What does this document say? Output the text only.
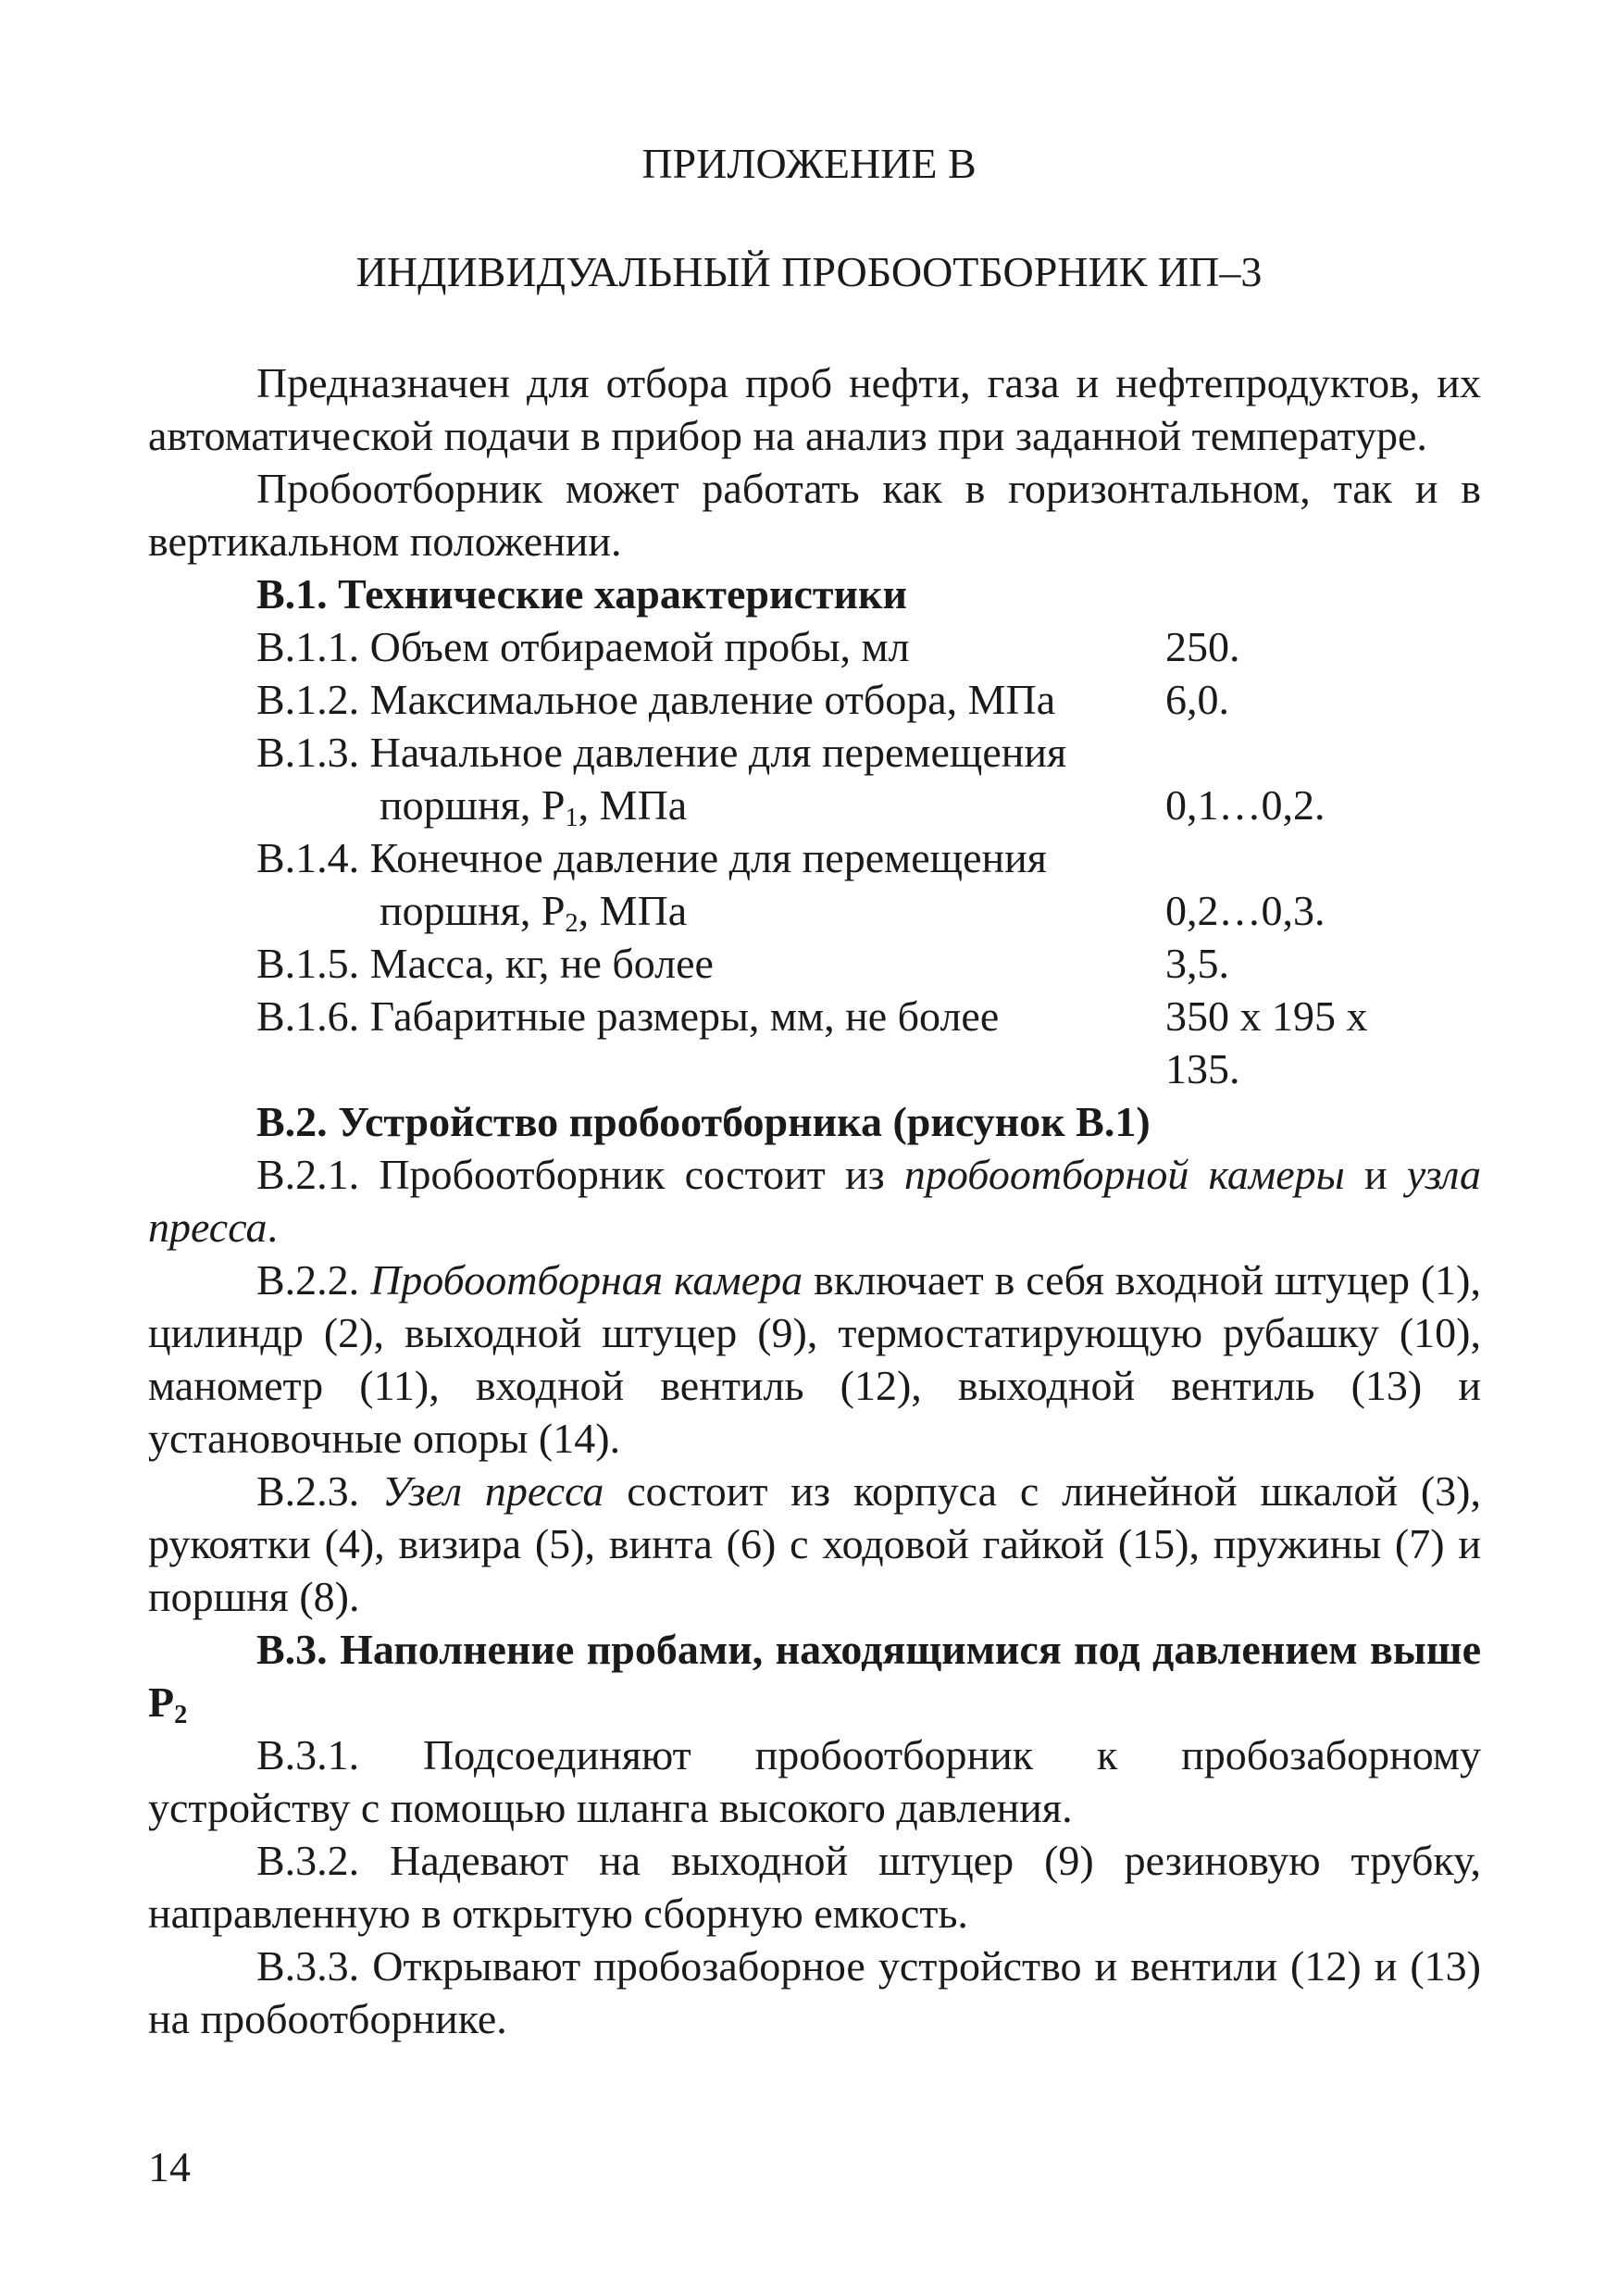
ПРИЛОЖЕНИЕ В
ИНДИВИДУАЛЬНЫЙ ПРОБООТБОРНИК ИП–3

Предназначен для отбора проб нефти, газа и нефтепродуктов, их автоматической подачи в прибор на анализ при заданной температуре.

Пробоотборник может работать как в горизонтальном, так и в вертикальном положении.

В.1. Технические характеристики

В.1.1. Объем отбираемой пробы, мл	250.
В.1.2. Максимальное давление отбора, МПа	6,0.
В.1.3. Начальное давление для перемещения
поршня, $Р_1$, МПа	0,1…0,2.
В.1.4. Конечное давление для перемещения
поршня, $Р_2$, МПа	0,2…0,3.
В.1.5. Масса, кг, не более	3,5.
В.1.6. Габаритные размеры, мм, не более	350 х 195 х
135.

В.2. Устройство пробоотборника (рисунок В.1)

В.2.1. Пробоотборник состоит из пробоотборной камеры и узла пресса.

В.2.2. Пробоотборная камера включает в себя входной штуцер (1), цилиндр (2), выходной штуцер (9), термостатирующую рубашку (10), манометр (11), входной вентиль (12), выходной вентиль (13) и установочные опоры (14).

В.2.3. Узел пресса состоит из корпуса с линейной шкалой (3), рукоятки (4), визира (5), винта (6) с ходовой гайкой (15), пружины (7) и поршня (8).

В.3. Наполнение пробами, находящимися под давлением выше $Р_2$

В.3.1. Подсоединяют пробоотборник к пробозаборному устройству с помощью шланга высокого давления.

В.3.2. Надевают на выходной штуцер (9) резиновую трубку, направленную в открытую сборную емкость.

В.3.3. Открывают пробозаборное устройство и вентили (12) и (13) на пробоотборнике.

14
